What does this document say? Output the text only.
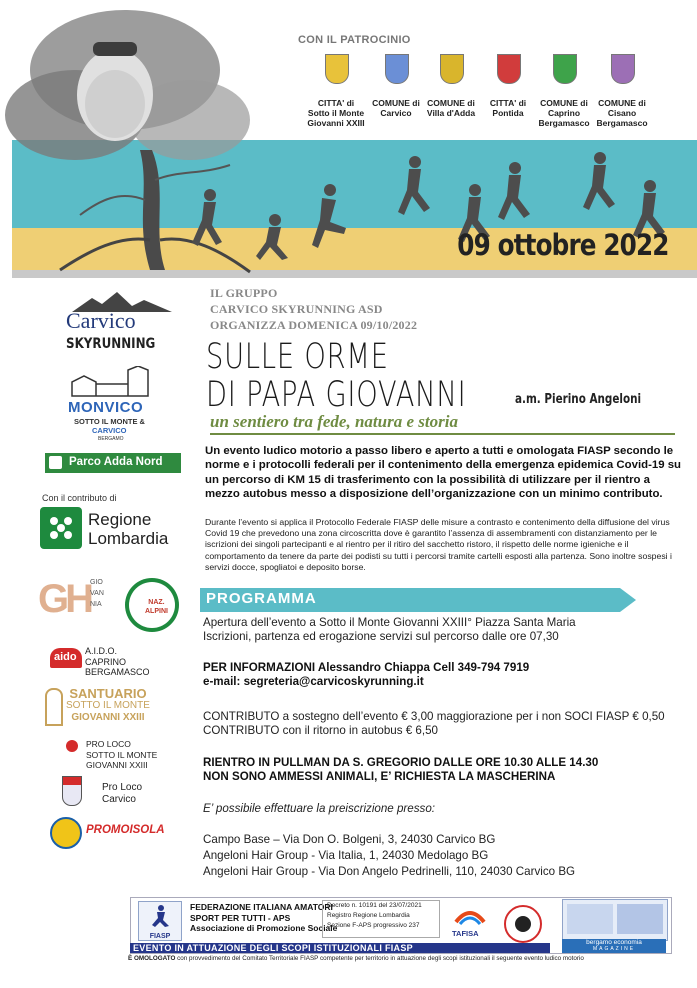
CON IL PATROCINIO
CITTA' di
Sotto il Monte
Giovanni XXIII
COMUNE di
Carvico
COMUNE di
Villa d'Adda
CITTA' di
Pontida
COMUNE di
Caprino
Bergamasco
COMUNE di
Cisano
Bergamasco
09 ottobre 2022
Carvico
SKYRUNNING
MONVICO
SOTTO IL MONTE &
CARVICO
BERGAMO
Parco Adda Nord
Con il contributo di
Regione
Lombardia
GH GIO
VAN
NIA	NAZ.
ALPINI
aido A.I.D.O.
CAPRINO
BERGAMASCO
SANTUARIO
SOTTO IL MONTE
GIOVANNI XXIII
PRO LOCO
SOTTO IL MONTE
GIOVANNI XXIII
Pro Loco
Carvico
PROMOISOLA
IL GRUPPO
CARVICO SKYRUNNING ASD
ORGANIZZA DOMENICA 09/10/2022
SULLE ORME
DI PAPA GIOVANNI	a.m. Pierino Angeloni
un sentiero tra fede, natura e storia
Un evento ludico motorio a passo libero e aperto a tutti e omologata FIASP secondo le norme e i protocolli federali per il contenimento della emergenza epidemica Covid-19 su un percorso di KM 15 di trasferimento con la possibilità di utilizzare per il rientro a mezzo autobus messo a disposizione dell’organizzazione con un minimo contributo.
Durante l’evento si applica il Protocollo Federale FIASP delle misure a contrasto e contenimento della diffusione del virus Covid 19 che prevedono una zona circoscritta dove è garantito l’assenza di assembramenti con distanziamento per le iscrizioni dei singoli partecipanti e al rientro per il ritiro del sacchetto ristoro, il rispetto delle norme igieniche e il comportamento da tenere da parte dei podisti su tutti i percorsi tramite cartelli esposti alla partenza. Sono inoltre sospesi i servizi docce, spogliatoi e deposito borse.
PROGRAMMA
Apertura dell’evento a Sotto il Monte Giovanni XXIII° Piazza Santa Maria
Iscrizioni, partenza ed erogazione servizi sul percorso dalle ore 07,30
PER INFORMAZIONI Alessandro Chiappa Cell 349-794 7919
e-mail: segreteria@carvicoskyrunning.it
CONTRIBUTO a sostegno dell’evento € 3,00 maggiorazione per i non SOCI FIASP € 0,50
CONTRIBUTO con il ritorno in autobus € 6,50
RIENTRO IN PULLMAN DA S. GREGORIO DALLE ORE 10.30 ALLE 14.30
NON SONO AMMESSI ANIMALI, E’ RICHIESTA LA MASCHERINA
E’ possibile effettuare la preiscrizione presso:
Campo Base – Via Don O. Bolgeni, 3, 24030 Carvico BG
Angeloni Hair Group - Via Italia, 1, 24030 Medolago BG
Angeloni Hair Group - Via Don Angelo Pedrinelli, 110, 24030 Carvico BG
FIASP
FEDERAZIONE ITALIANA AMATORI
SPORT PER TUTTI - APS
Associazione di Promozione Sociale
Decreto n. 10191 del 23/07/2021
Registro Regione Lombardia
Sezione F-APS progressivo 237
TAFISA
bergamo economia
MAGAZINE
EVENTO IN ATTUAZIONE DEGLI SCOPI ISTITUZIONALI FIASP
È OMOLOGATO con provvedimento del Comitato Territoriale FIASP competente per territorio in attuazione degli scopi istituzionali il seguente evento ludico motorio
